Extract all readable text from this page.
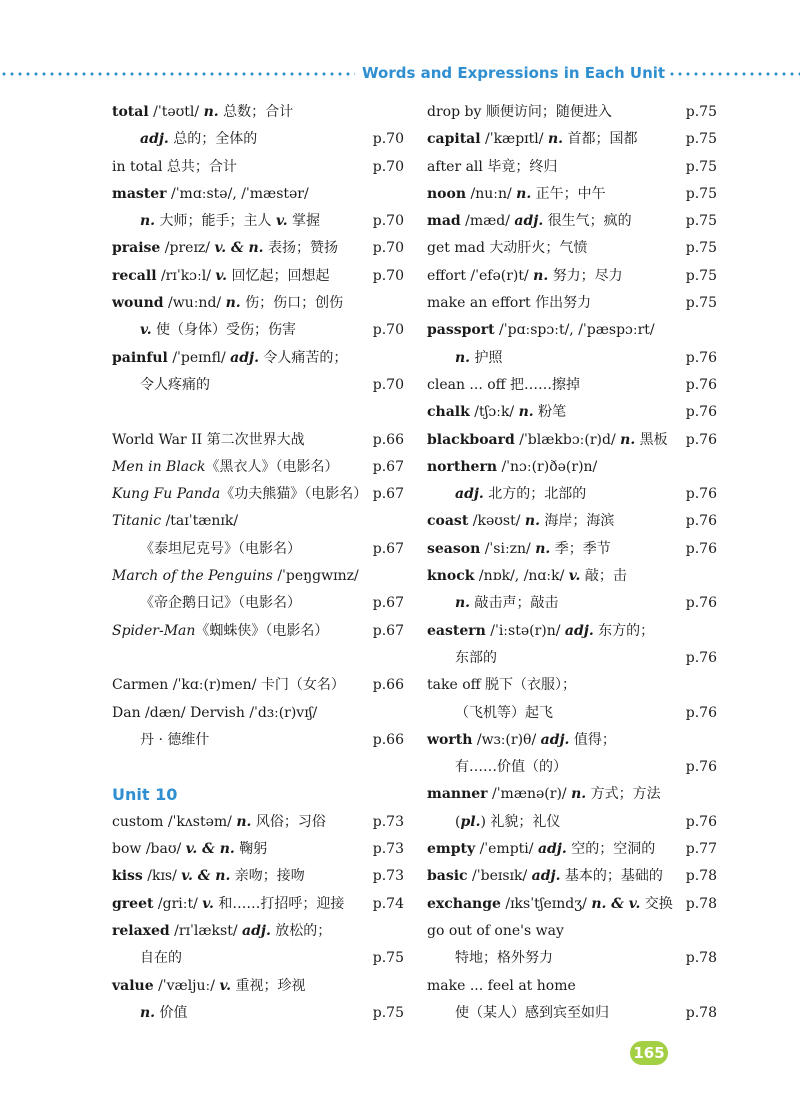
Words and Expressions in Each Unit
total /ˈtəʊtl/ n. 总数；合计
adj. 总的；全体的	p.70
in total 总共；合计	p.70
master /ˈmɑːstə/, /ˈmæstər/
n. 大师；能手；主人 v. 掌握	p.70
praise /preɪz/ v. & n. 表扬；赞扬 p.70
recall /rɪˈkɔːl/ v. 回忆起；回想起	p.70
wound /wuːnd/ n. 伤；伤口；创伤
v. 使（身体）受伤；伤害	p.70
painful /ˈpeɪnfl/ adj. 令人痛苦的；
令人疼痛的	p.70
World War II 第二次世界大战	p.66
Men in Black《黑衣人》（电影名） p.67
Kung Fu Panda《功夫熊猫》（电影名） p.67
Titanic /taɪˈtænɪk/
《泰坦尼克号》（电影名）	p.67
March of the Penguins /ˈpeŋgwɪnz/
《帝企鹅日记》（电影名）	p.67
Spider-Man《蜘蛛侠》（电影名）	p.67
Carmen /ˈkɑː(r)men/ 卡门（女名） p.66
Dan /dæn/ Dervish /ˈdɜː(r)vɪʃ/
丹 · 德维什	p.66
Unit 10
custom /ˈkʌstəm/ n. 风俗；习俗	p.73
bow /baʊ/ v. & n. 鞠躬	p.73
kiss /kɪs/ v. & n. 亲吻；接吻	p.73
greet /griːt/ v. 和……打招呼；迎接 p.74
relaxed /rɪˈlækst/ adj. 放松的；
自在的	p.75
value /ˈvæljuː/ v. 重视；珍视
n. 价值	p.75
drop by 顺便访问；随便进入	p.75
capital /ˈkæpɪtl/ n. 首都；国都	p.75
after all 毕竟；终归	p.75
noon /nuːn/ n. 正午；中午	p.75
mad /mæd/ adj. 很生气；疯的	p.75
get mad 大动肝火；气愤	p.75
effort /ˈefə(r)t/ n. 努力；尽力	p.75
make an effort 作出努力	p.75
passport /ˈpɑːspɔːt/, /ˈpæspɔːrt/
n. 护照	p.76
clean ... off 把……擦掉	p.76
chalk /tʃɔːk/ n. 粉笔	p.76
blackboard /ˈblækbɔː(r)d/ n. 黑板 p.76
northern /ˈnɔː(r)ðə(r)n/
adj. 北方的；北部的	p.76
coast /kəʊst/ n. 海岸；海滨	p.76
season /ˈsiːzn/ n. 季；季节	p.76
knock /nɒk/, /nɑːk/ v. 敲；击
n. 敲击声；敲击	p.76
eastern /ˈiːstə(r)n/ adj. 东方的；
东部的	p.76
take off 脱下（衣服）；
（飞机等）起飞	p.76
worth /wɜː(r)θ/ adj. 值得；
有……价值（的）	p.76
manner /ˈmænə(r)/ n. 方式；方法
(pl.) 礼貌；礼仪	p.76
empty /ˈempti/ adj. 空的；空洞的 p.77
basic /ˈbeɪsɪk/ adj. 基本的；基础的 p.78
exchange /ɪksˈtʃeɪndʒ/ n. & v. 交换 p.78
go out of one's way
特地；格外努力	p.78
make ... feel at home
使（某人）感到宾至如归	p.78
165
